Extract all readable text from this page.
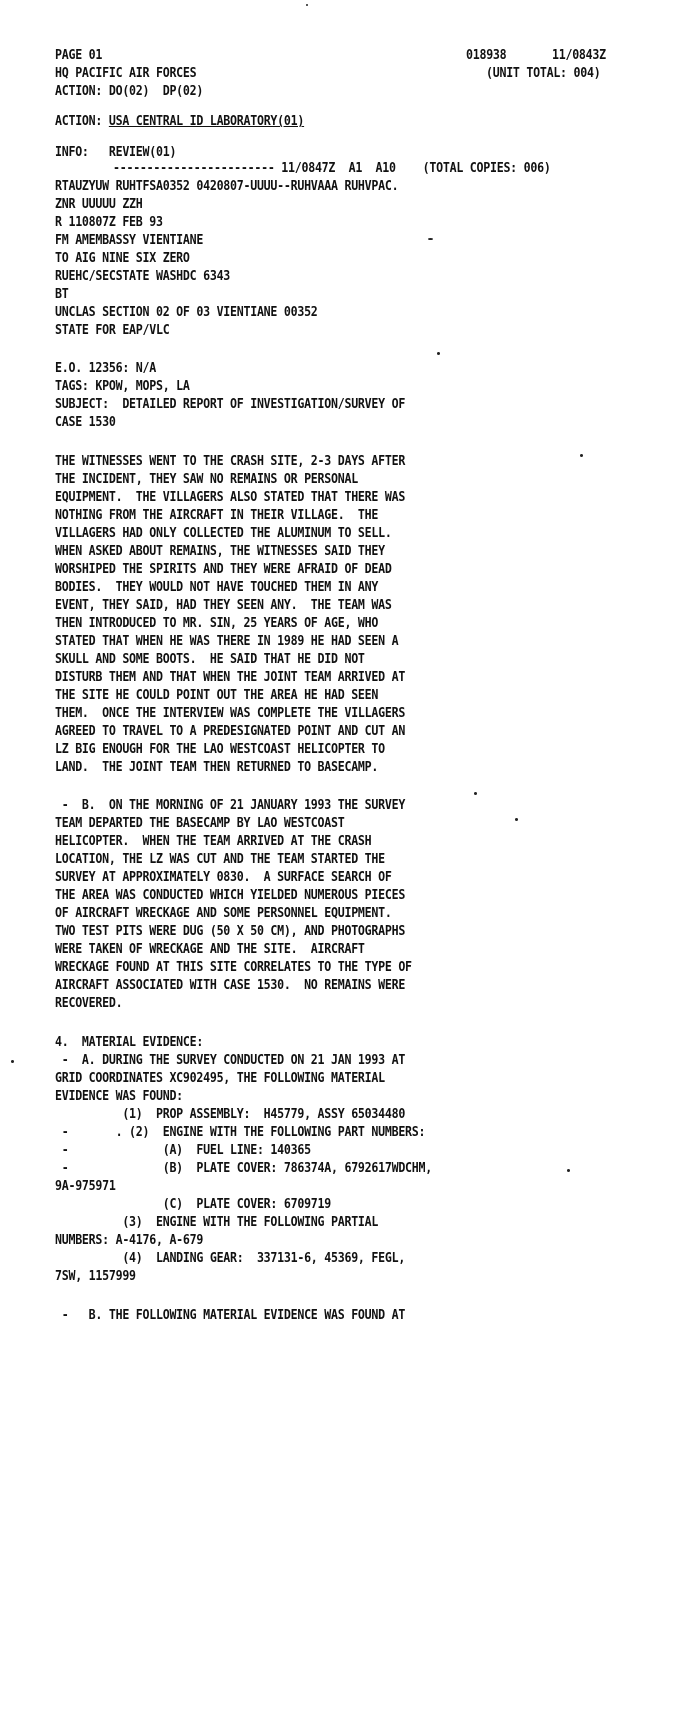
PAGE 01	018938	11/0843Z
HQ PACIFIC AIR FORCES	(UNIT TOTAL: 004)
ACTION: DO(02)  DP(02)
ACTION: USA CENTRAL ID LABORATORY(01)
INFO:   REVIEW(01)
------------------------ 11/0847Z  A1  A10    (TOTAL COPIES: 006)
RTAUZYUW RUHTFSA0352 0420807-UUUU--RUHVAAA RUHVPAC.
ZNR UUUUU ZZH
R 110807Z FEB 93
FM AMEMBASSY VIENTIANE
TO AIG NINE SIX ZERO
RUEHC/SECSTATE WASHDC 6343
BT
UNCLAS SECTION 02 OF 03 VIENTIANE 00352
STATE FOR EAP/VLC
E.O. 12356: N/A
TAGS: KPOW, MOPS, LA
SUBJECT:  DETAILED REPORT OF INVESTIGATION/SURVEY OF
CASE 1530
THE WITNESSES WENT TO THE CRASH SITE, 2-3 DAYS AFTER
THE INCIDENT, THEY SAW NO REMAINS OR PERSONAL
EQUIPMENT.  THE VILLAGERS ALSO STATED THAT THERE WAS
NOTHING FROM THE AIRCRAFT IN THEIR VILLAGE.  THE
VILLAGERS HAD ONLY COLLECTED THE ALUMINUM TO SELL.
WHEN ASKED ABOUT REMAINS, THE WITNESSES SAID THEY
WORSHIPED THE SPIRITS AND THEY WERE AFRAID OF DEAD
BODIES.  THEY WOULD NOT HAVE TOUCHED THEM IN ANY
EVENT, THEY SAID, HAD THEY SEEN ANY.  THE TEAM WAS
THEN INTRODUCED TO MR. SIN, 25 YEARS OF AGE, WHO
STATED THAT WHEN HE WAS THERE IN 1989 HE HAD SEEN A
SKULL AND SOME BOOTS.  HE SAID THAT HE DID NOT
DISTURB THEM AND THAT WHEN THE JOINT TEAM ARRIVED AT
THE SITE HE COULD POINT OUT THE AREA HE HAD SEEN
THEM.  ONCE THE INTERVIEW WAS COMPLETE THE VILLAGERS
AGREED TO TRAVEL TO A PREDESIGNATED POINT AND CUT AN
LZ BIG ENOUGH FOR THE LAO WESTCOAST HELICOPTER TO
LAND.  THE JOINT TEAM THEN RETURNED TO BASECAMP.
-  B.  ON THE MORNING OF 21 JANUARY 1993 THE SURVEY
TEAM DEPARTED THE BASECAMP BY LAO WESTCOAST
HELICOPTER.  WHEN THE TEAM ARRIVED AT THE CRASH
LOCATION, THE LZ WAS CUT AND THE TEAM STARTED THE
SURVEY AT APPROXIMATELY 0830.  A SURFACE SEARCH OF
THE AREA WAS CONDUCTED WHICH YIELDED NUMEROUS PIECES
OF AIRCRAFT WRECKAGE AND SOME PERSONNEL EQUIPMENT.
TWO TEST PITS WERE DUG (50 X 50 CM), AND PHOTOGRAPHS
WERE TAKEN OF WRECKAGE AND THE SITE.  AIRCRAFT
WRECKAGE FOUND AT THIS SITE CORRELATES TO THE TYPE OF
AIRCRAFT ASSOCIATED WITH CASE 1530.  NO REMAINS WERE
RECOVERED.
4.  MATERIAL EVIDENCE:
-  A. DURING THE SURVEY CONDUCTED ON 21 JAN 1993 AT
GRID COORDINATES XC902495, THE FOLLOWING MATERIAL
EVIDENCE WAS FOUND:
(1)  PROP ASSEMBLY:  H45779, ASSY 65034480
-       . (2)  ENGINE WITH THE FOLLOWING PART NUMBERS:
-              (A)  FUEL LINE: 140365
-              (B)  PLATE COVER: 786374A, 6792617WDCHM,
9A-975971
(C)  PLATE COVER: 6709719
(3)  ENGINE WITH THE FOLLOWING PARTIAL
NUMBERS: A-4176, A-679
(4)  LANDING GEAR:  337131-6, 45369, FEGL,
7SW, 1157999
-   B. THE FOLLOWING MATERIAL EVIDENCE WAS FOUND AT
